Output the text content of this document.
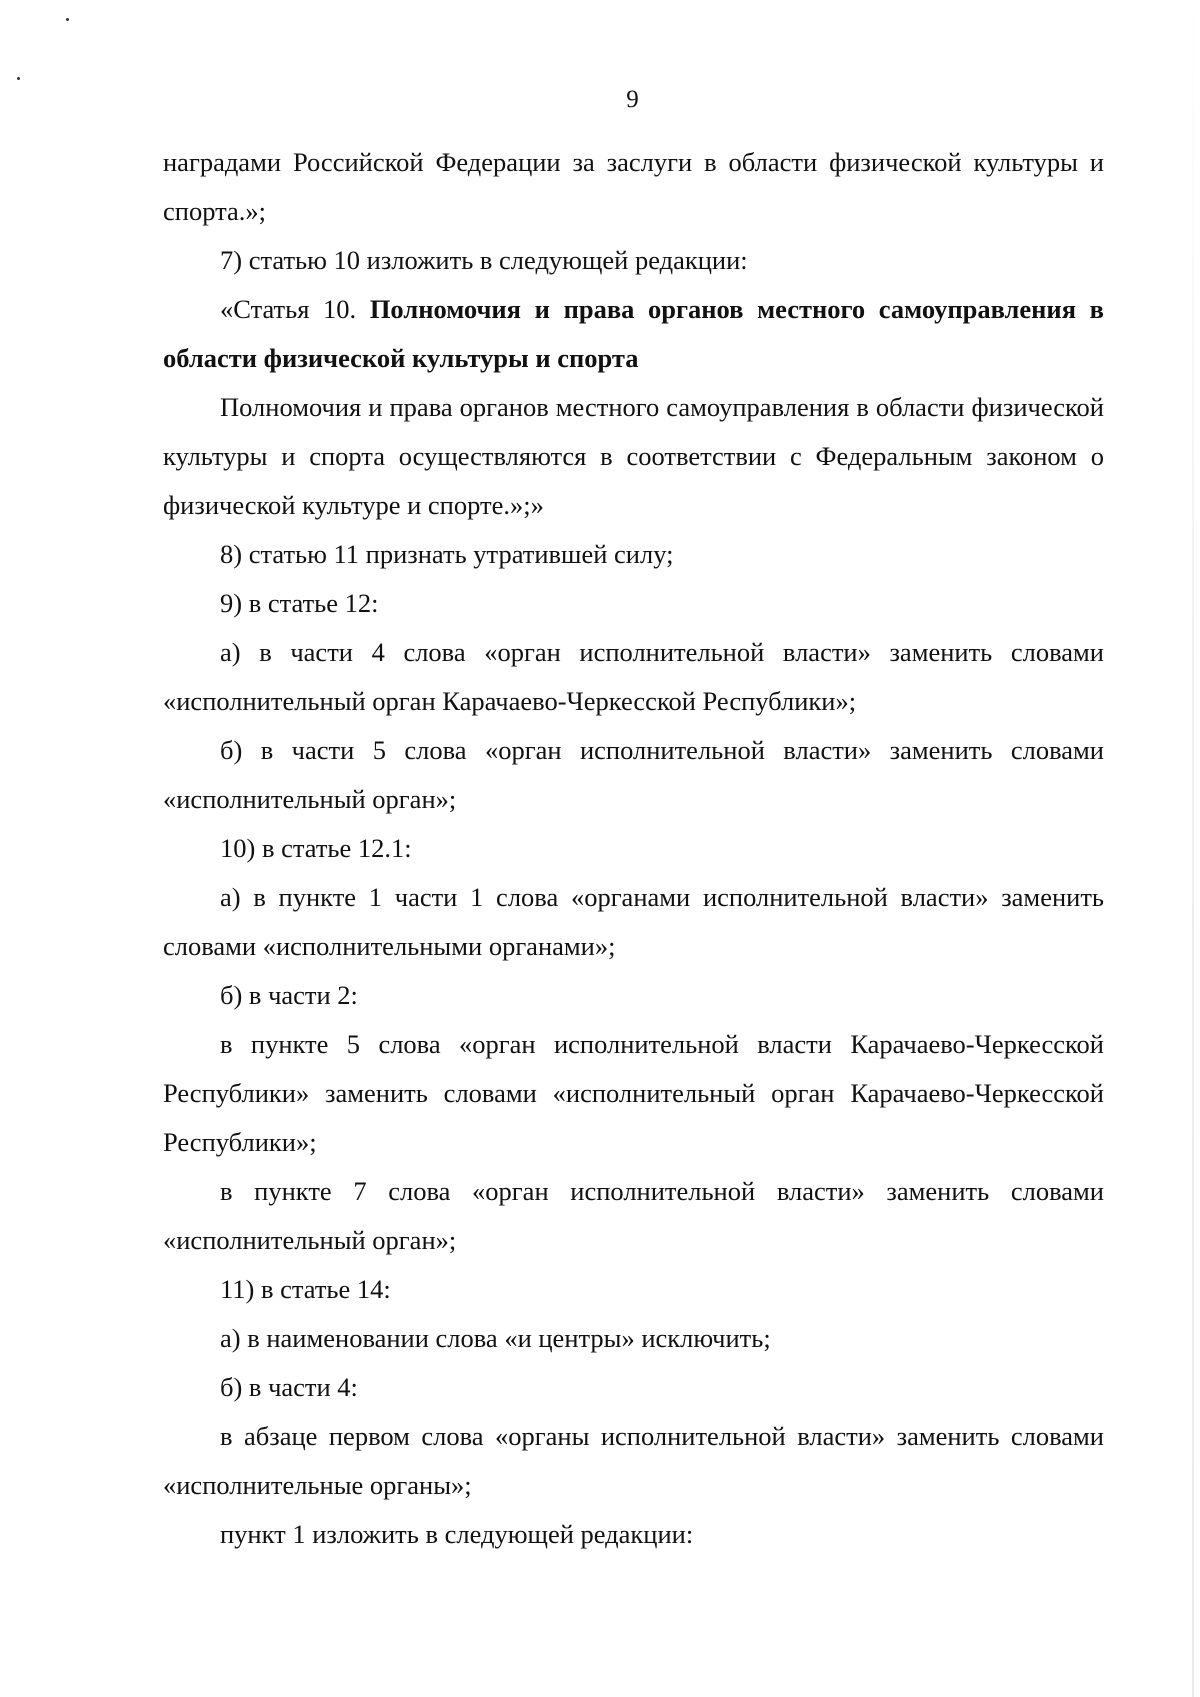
9

наградами Российской Федерации за заслуги в области физической культуры и спорта.»;

7) статью 10 изложить в следующей редакции:

«Статья 10. Полномочия и права органов местного самоуправления в области физической культуры и спорта

Полномочия и права органов местного самоуправления в области физической культуры и спорта осуществляются в соответствии с Федеральным законом о физической культуре и спорте.»;»

8) статью 11 признать утратившей силу;

9) в статье 12:

а) в части 4 слова «орган исполнительной власти» заменить словами «исполнительный орган Карачаево-Черкесской Республики»;

б) в части 5 слова «орган исполнительной власти» заменить словами «исполнительный орган»;

10) в статье 12.1:

а) в пункте 1 части 1 слова «органами исполнительной власти» заменить словами «исполнительными органами»;

б) в части 2:

в пункте 5 слова «орган исполнительной власти Карачаево-Черкесской Республики» заменить словами «исполнительный орган Карачаево-Черкесской Республики»;

в пункте 7 слова «орган исполнительной власти» заменить словами «исполнительный орган»;

11) в статье 14:

а) в наименовании слова «и центры» исключить;

б) в части 4:

в абзаце первом слова «органы исполнительной власти» заменить словами «исполнительные органы»;

пункт 1 изложить в следующей редакции:
